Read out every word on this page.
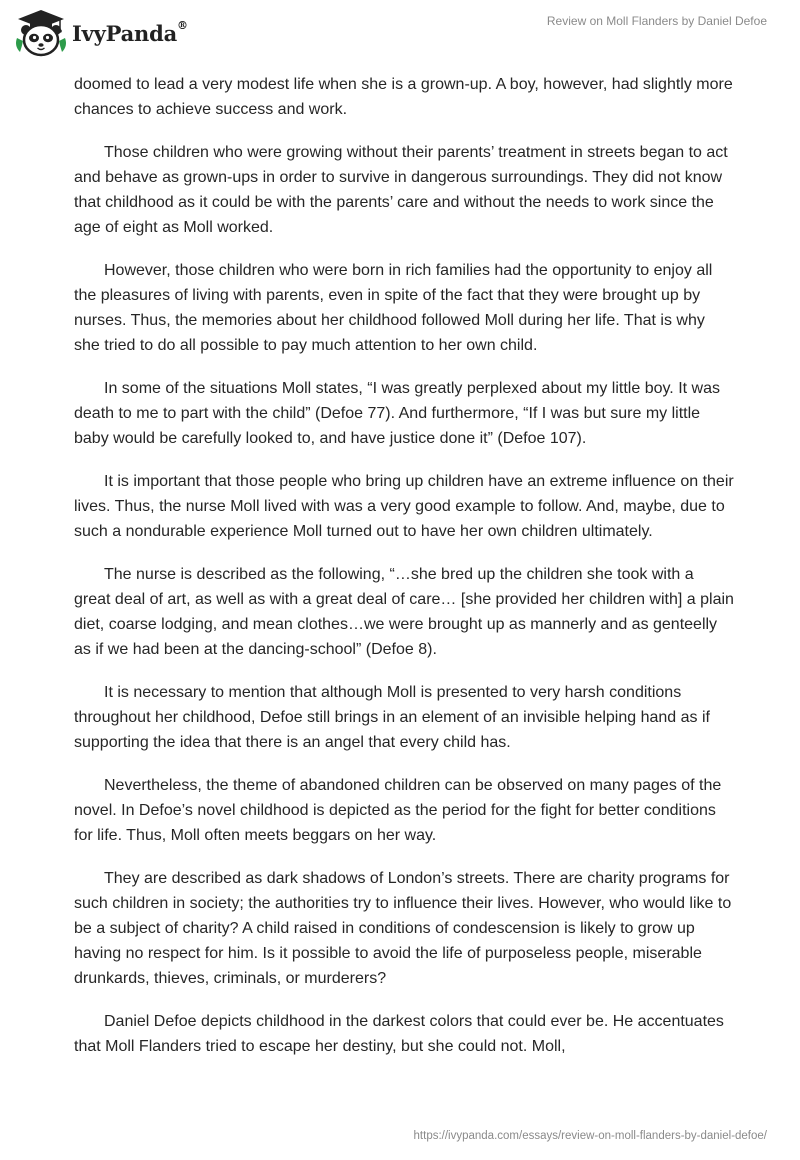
IvyPanda®	Review on Moll Flanders by Daniel Defoe

doomed to lead a very modest life when she is a grown-up. A boy, however, had slightly more chances to achieve success and work.

Those children who were growing without their parents’ treatment in streets began to act and behave as grown-ups in order to survive in dangerous surroundings. They did not know that childhood as it could be with the parents’ care and without the needs to work since the age of eight as Moll worked.

However, those children who were born in rich families had the opportunity to enjoy all the pleasures of living with parents, even in spite of the fact that they were brought up by nurses. Thus, the memories about her childhood followed Moll during her life. That is why she tried to do all possible to pay much attention to her own child.

In some of the situations Moll states, “I was greatly perplexed about my little boy. It was death to me to part with the child” (Defoe 77). And furthermore, “If I was but sure my little baby would be carefully looked to, and have justice done it” (Defoe 107).

It is important that those people who bring up children have an extreme influence on their lives. Thus, the nurse Moll lived with was a very good example to follow. And, maybe, due to such a nondurable experience Moll turned out to have her own children ultimately.

The nurse is described as the following, “…she bred up the children she took with a great deal of art, as well as with a great deal of care… [she provided her children with] a plain diet, coarse lodging, and mean clothes…we were brought up as mannerly and as genteelly as if we had been at the dancing-school” (Defoe 8).

It is necessary to mention that although Moll is presented to very harsh conditions throughout her childhood, Defoe still brings in an element of an invisible helping hand as if supporting the idea that there is an angel that every child has.

Nevertheless, the theme of abandoned children can be observed on many pages of the novel. In Defoe’s novel childhood is depicted as the period for the fight for better conditions for life. Thus, Moll often meets beggars on her way.

They are described as dark shadows of London’s streets. There are charity programs for such children in society; the authorities try to influence their lives. However, who would like to be a subject of charity? A child raised in conditions of condescension is likely to grow up having no respect for him. Is it possible to avoid the life of purposeless people, miserable drunkards, thieves, criminals, or murderers?

Daniel Defoe depicts childhood in the darkest colors that could ever be. He accentuates that Moll Flanders tried to escape her destiny, but she could not. Moll,

https://ivypanda.com/essays/review-on-moll-flanders-by-daniel-defoe/
